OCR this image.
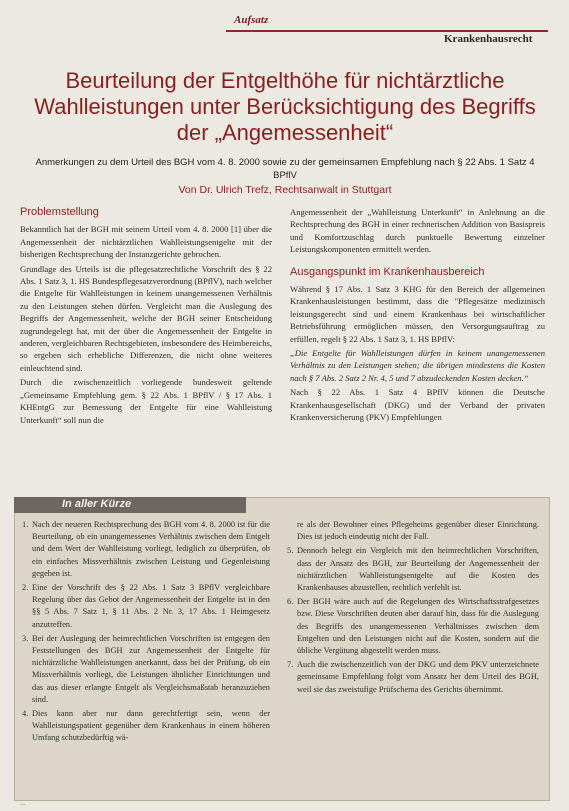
Aufsatz
Krankenhausrecht
Beurteilung der Entgelthöhe für nichtärztliche Wahlleistungen unter Berücksichtigung des Begriffs der „Angemessenheit“
Anmerkungen zu dem Urteil des BGH vom 4. 8. 2000 sowie zu der gemeinsamen Empfehlung nach § 22 Abs. 1 Satz 4 BPflV
Von Dr. Ulrich Trefz, Rechtsanwalt in Stuttgart
Problemstellung

Bekanntlich hat der BGH mit seinem Urteil vom 4. 8. 2000 [1] über die Angemessenheit der nichtärztlichen Wahlleistungsentgelte mit der bisherigen Rechtsprechung der Instanzgerichte gebrochen.

Grundlage des Urteils ist die pflegesatzrechtliche Vorschrift des § 22 Abs. 1 Satz 3, 1. HS Bundespflegesatzverordnung (BPflV), nach welcher die Entgelte für Wahlleistungen in keinem unangemessenen Verhältnis zu den Leistungen stehen dürfen. Vergleicht man die Auslegung des Begriffs der Angemessenheit, welche der BGH seiner Entscheidung zugrundegelegt hat, mit der über die Angemessenheit der Entgelte in anderen, vergleichbaren Rechtsgebieten, insbesondere des Heimbereichs, so ergeben sich erhebliche Differenzen, die nicht ohne weiteres einleuchtend sind.

Durch die zwischenzeitlich vorliegende bundesweit geltende „Gemeinsame Empfehlung gem. § 22 Abs. 1 BPflV / § 17 Abs. 1 KHEntgG zur Bemessung der Entgelte für eine Wahlleistung Unterkunft“ soll nun die

Angemessenheit der „Wahlleistung Unterkunft“ in Anlehnung an die Rechtsprechung des BGH in einer rechnerischen Addition von Basispreis und Komfortzuschlag durch punktuelle Bewertung einzelner Leistungskomponenten ermittelt werden.

Ausgangspunkt im Krankenhausbereich

Während § 17 Abs. 1 Satz 3 KHG für den Bereich der allgemeinen Krankenhausleistungen bestimmt, dass die "Pflegesätze medizinisch leistungsgerecht sind und einem Krankenhaus bei wirtschaftlicher Betriebsführung ermöglichen müssen, den Versorgungsauftrag zu erfüllen, regelt § 22 Abs. 1 Satz 3, 1. HS BPflV:

„Die Entgelte für Wahlleistungen dürfen in keinem unangemessenen Verhältnis zu den Leistungen stehen; die übrigen mindestens die Kosten nach § 7 Abs. 2 Satz 2 Nr. 4, 5 und 7 abzudeckenden Kosten decken.“

Nach § 22 Abs. 1 Satz 4 BPflV können die Deutsche Krankenhausgesellschaft (DKG) und der Verband der privaten Krankenversicherung (PKV) Empfehlungen

In aller Kürze
1. Nach der neueren Rechtsprechung des BGH vom 4. 8. 2000 ist für die Beurteilung, ob ein unangemessenes Verhältnis zwischen dem Entgelt und dem Wert der Wahlleistung vorliegt, lediglich zu überprüfen, ob ein einfaches Missverhältnis zwischen Leistung und Gegenleistung gegeben ist.
2. Eine der Vorschrift des § 22 Abs. 1 Satz 3 BPflV vergleichbare Regelung über das Gebot der Angemessenheit der Entgelte ist in den §§ 5 Abs. 7 Satz 1, § 11 Abs. 2 Nr. 3, 17 Abs. 1 Heimgesetz anzutreffen.
3. Bei der Auslegung der heimrechtlichen Vorschriften ist entgegen den Feststellungen des BGH zur Angemessenheit der Entgelte für nichtärztliche Wahlleistungen anerkannt, dass bei der Prüfung, ob ein Missverhältnis vorliegt, die Leistungen ähnlicher Einrichtungen und das aus dieser erlangte Entgelt als Vergleichsmaßstab heranzuziehen sind.
4. Dies kann aber nur dann gerechtfertigt sein, wenn der Wahlleistungspatient gegenüber dem Krankenhaus in einem höheren Umfang schutzbedürftig wä-
re als der Bewohner eines Pflegeheims gegenüber dieser Einrichtung. Dies ist jedoch eindeutig nicht der Fall.
5. Dennoch belegt ein Vergleich mit den heimrechtlichen Vorschriften, dass der Ansatz des BGH, zur Beurteilung der Angemessenheit der nichtärztlichen Wahlleistungsentgelte auf die Kosten des Krankenhauses abzustellen, rechtlich verfehlt ist.
6. Der BGH wäre auch auf die Regelungen des Wirtschaftsstrafgesetzes bzw. Diese Vorschriften deuten aber darauf hin, dass für die Auslegung des Begriffs des unangemessenen Verhältnisses zwischen dem Entgelten und den Leistungen nicht auf die Kosten, sondern auf die übliche Vergütung abgestellt werden muss.
7. Auch die zwischenzeitlich von der DKG und dem PKV unterzeichnete gemeinsame Empfehlung folgt vom Ansatz her dem Urteil des BGH, weil sie das zweistufige Prüfschema des Gerichts übernimmt.
...
